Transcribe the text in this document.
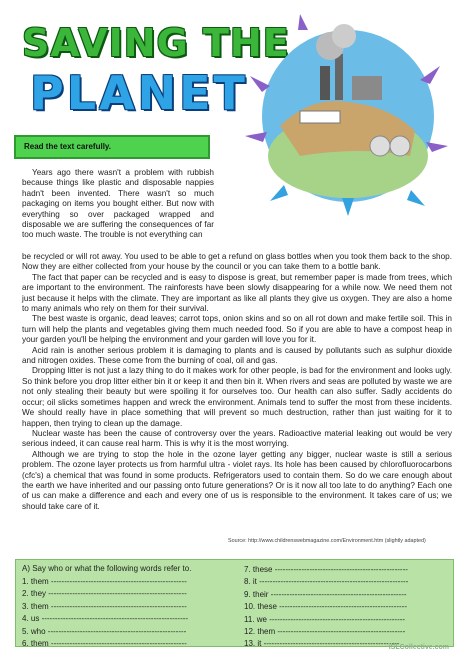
SAVING THE
PLANET
Read the text carefully.

Years ago there wasn't a problem with rubbish because things like plastic and disposable nappies hadn't been invented. There wasn't so much packaging on items you bought either. But now with everything so over packaged wrapped and disposable we are suffering the consequences of far too much waste. The trouble is not everything can

be recycled or will rot away. You used to be able to get a refund on glass bottles when you took them back to the shop. Now they are either collected from your house by the council or you can take them to a bottle bank.

The fact that paper can be recycled and is easy to dispose is great, but remember paper is made from trees, which are important to the environment. The rainforests have been slowly disappearing for a while now. We need them not just because it helps with the climate. They are important as like all plants they give us oxygen. They are also a home to many animals who rely on them for their survival.

The best waste is organic, dead leaves; carrot tops, onion skins and so on all rot down and make fertile soil. This in turn will help the plants and vegetables giving them much needed food. So if you are able to have a compost heap in your garden you'll be helping the environment and your garden will love you for it.

Acid rain is another serious problem it is damaging to plants and is caused by pollutants such as sulphur dioxide and nitrogen oxides. These come from the burning of coal, oil and gas.

Dropping litter is not just a lazy thing to do it makes work for other people, is bad for the environment and looks ugly. So think before you drop litter either bin it or keep it and then bin it. When rivers and seas are polluted by waste we are not only stealing their beauty but were spoiling it for ourselves too. Our health can also suffer. Sadly accidents do occur; oil slicks sometimes happen and wreck the environment. Animals tend to suffer the most from these incidents. We should really have in place something that will prevent so much destruction, rather than just waiting for it to happen, then trying to clean up the damage.

Nuclear waste has been the cause of controversy over the years. Radioactive material leaking out would be very serious indeed, it can cause real harm. This is why it is the most worrying.

Although we are trying to stop the hole in the ozone layer getting any bigger, nuclear waste is still a serious problem. The ozone layer protects us from harmful ultra - violet rays. Its hole has been caused by chlorofluorocarbons (cfc's) a chemical that was found in some products. Refrigerators used to contain them. So do we care enough about the earth we have inherited and our passing onto future generations? Or is it now all too late to do anything? Each one of us can make a difference and each and every one of us is responsible to the environment. It takes care of us; we should take care of it.

Source: http://www.childrenswebmagazine.com/Environment.htm (slightly adapted)
A) Say who or what the following words refer to.
1. them ---------------------------------------------------
2. they ----------------------------------------------------
3. them ---------------------------------------------------
4. us -------------------------------------------------------
5. who ----------------------------------------------------
6. them ---------------------------------------------------
7. these --------------------------------------------------
8. it --------------------------------------------------------
9. their ---------------------------------------------------
10. these ------------------------------------------------
11. we ---------------------------------------------------
12. them ------------------------------------------------
13. it ---------------------------------------------------
iSLCollective.com
